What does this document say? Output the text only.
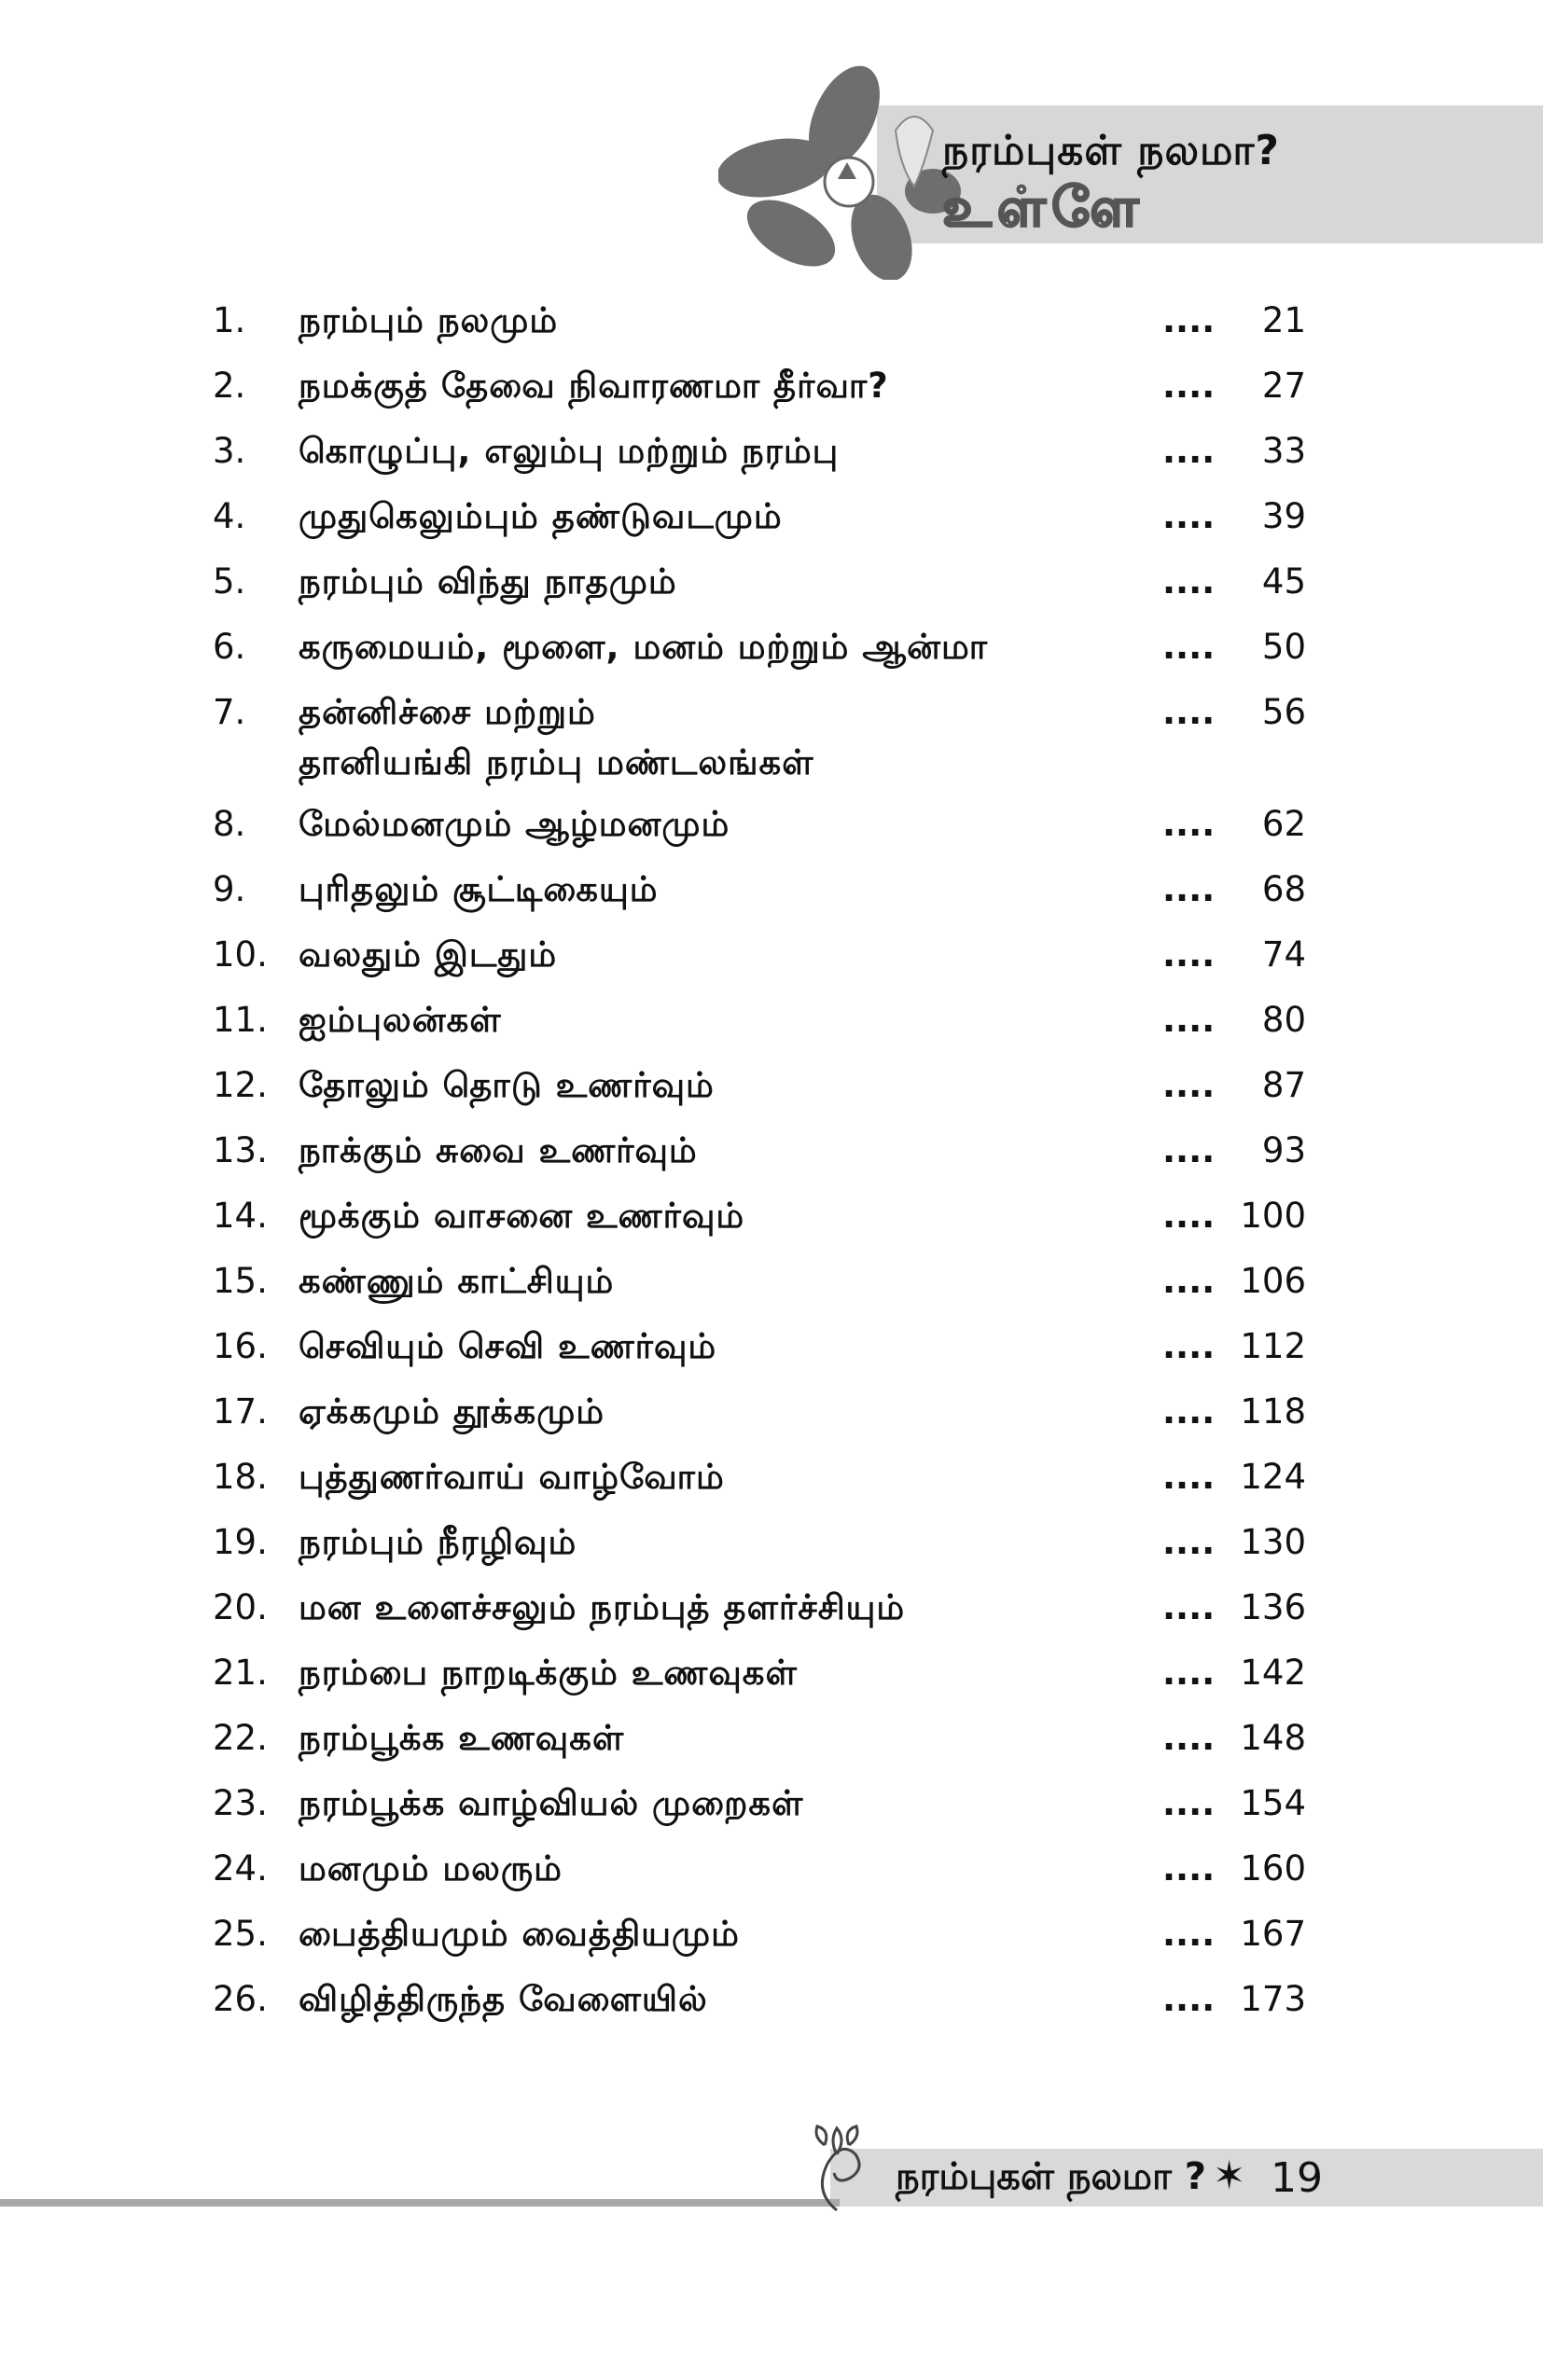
நரம்புகள் நலமா?
உள்ளே
1. நரம்பும் நலமும்	....	21
2. நமக்குத் தேவை நிவாரணமா தீர்வா?	....	27
3. கொழுப்பு, எலும்பு மற்றும் நரம்பு	....	33
4. முதுகெலும்பும் தண்டுவடமும்	....	39
5. நரம்பும் விந்து நாதமும்	....	45
6. கருமையம், மூளை, மனம் மற்றும் ஆன்மா	....	50
7. தன்னிச்சை மற்றும்
தானியங்கி நரம்பு மண்டலங்கள்
....	56
8. மேல்மனமும் ஆழ்மனமும்	....	62
9. புரிதலும் சூட்டிகையும்	....	68
10. வலதும் இடதும்	....	74
11. ஐம்புலன்கள்	....	80
12. தோலும் தொடு உணர்வும்	....	87
13. நாக்கும் சுவை உணர்வும்	....	93
14. மூக்கும் வாசனை உணர்வும்	.... 100
15. கண்ணும் காட்சியும்	.... 106
16. செவியும் செவி உணர்வும்	.... 112
17. ஏக்கமும் தூக்கமும்	.... 118
18. புத்துணர்வாய் வாழ்வோம்	.... 124
19. நரம்பும் நீரழிவும்	.... 130
20. மன உளைச்சலும் நரம்புத் தளர்ச்சியும்	.... 136
21. நரம்பை நாறடிக்கும் உணவுகள்	.... 142
22. நரம்பூக்க உணவுகள்	.... 148
23. நரம்பூக்க வாழ்வியல் முறைகள்	.... 154
24. மனமும் மலரும்	.... 160
25. பைத்தியமும் வைத்தியமும்	.... 167
26. விழித்திருந்த வேளையில்	.... 173
நரம்புகள் நலமா ? ✶ 19
